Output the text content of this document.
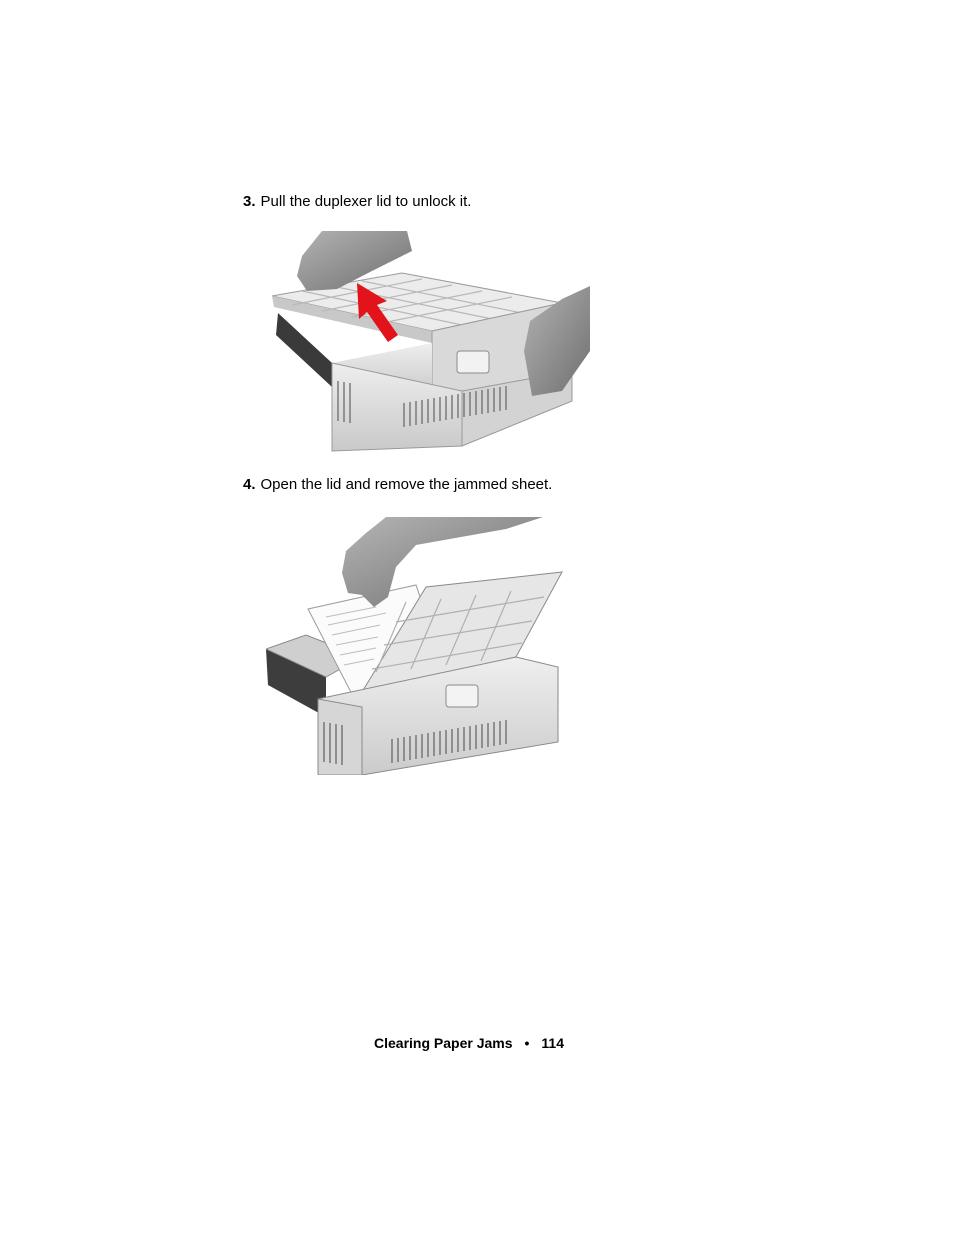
3. Pull the duplexer lid to unlock it.
4. Open the lid and remove the jammed sheet.
Clearing Paper Jams • 114
